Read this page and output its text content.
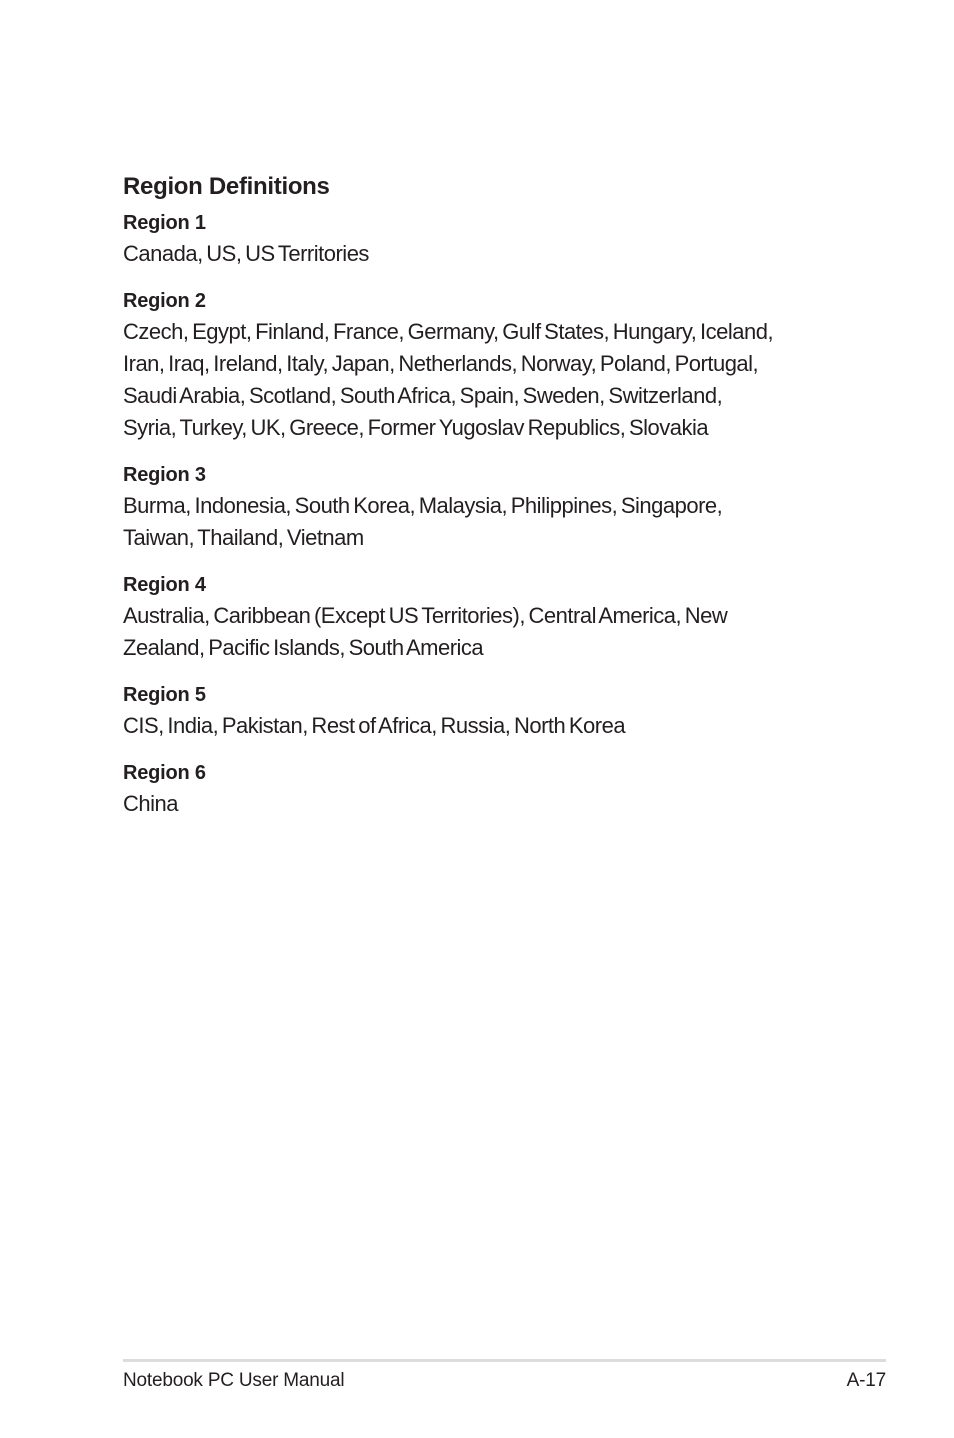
Region Definitions

Region 1

Canada, US, US Territories

Region 2

Czech, Egypt, Finland, France, Germany, Gulf States, Hungary, Iceland,
Iran, Iraq, Ireland, Italy, Japan, Netherlands, Norway, Poland, Portugal,
Saudi Arabia, Scotland, South Africa, Spain, Sweden, Switzerland,
Syria, Turkey, UK, Greece, Former Yugoslav Republics, Slovakia

Region 3

Burma, Indonesia, South Korea, Malaysia, Philippines, Singapore,
Taiwan, Thailand, Vietnam

Region 4

Australia, Caribbean (Except US Territories), Central America, New
Zealand, Pacific Islands, South America

Region 5

CIS, India, Pakistan, Rest of Africa, Russia, North Korea

Region 6

China
Notebook PC User Manual	A-17
